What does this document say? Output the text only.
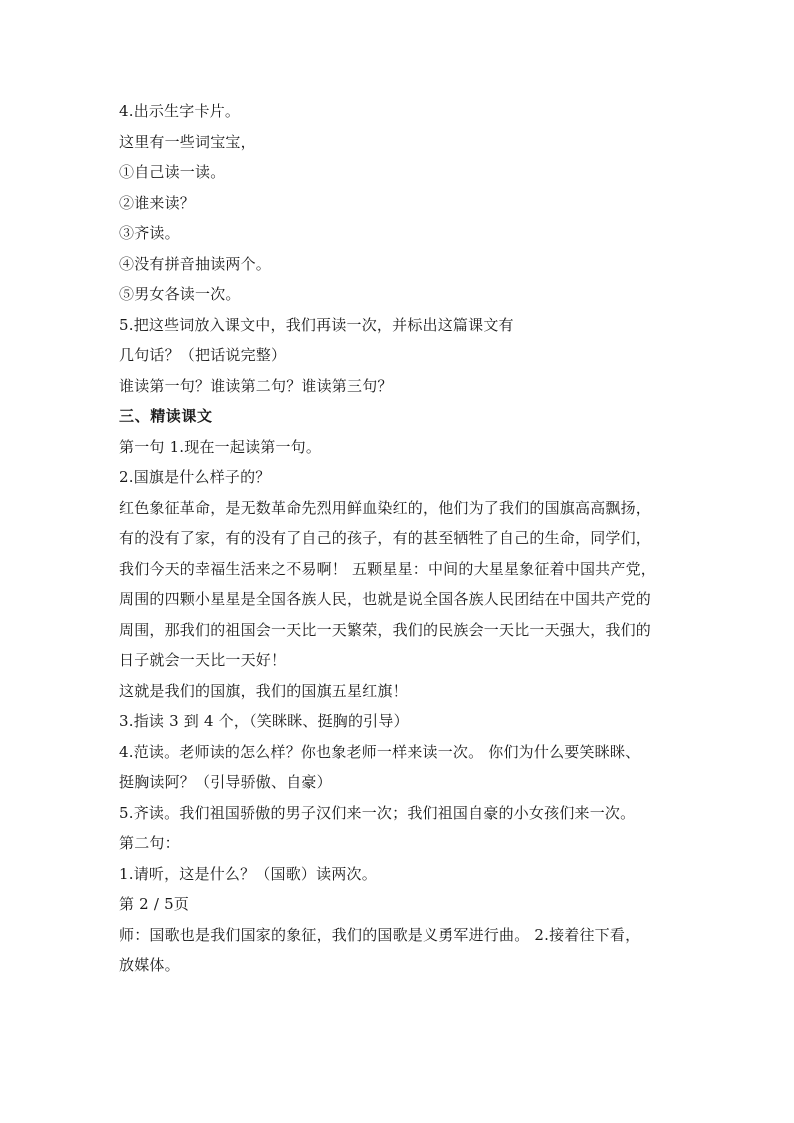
4.出示生字卡片。
这里有一些词宝宝，
①自己读一读。
②谁来读？
③齐读。
④没有拼音抽读两个。
⑤男女各读一次。
5.把这些词放入课文中，我们再读一次，并标出这篇课文有
几句话？（把话说完整）
谁读第一句？谁读第二句？谁读第三句？
三、精读课文
第一句 1.现在一起读第一句。
2.国旗是什么样子的？
红色象征革命，是无数革命先烈用鲜血染红的，他们为了我们的国旗高高飘扬，
有的没有了家，有的没有了自己的孩子，有的甚至牺牲了自己的生命，同学们，
我们今天的幸福生活来之不易啊！ 五颗星星：中间的大星星象征着中国共产党，
周围的四颗小星星是全国各族人民，也就是说全国各族人民团结在中国共产党的
周围，那我们的祖国会一天比一天繁荣，我们的民族会一天比一天强大，我们的
日子就会一天比一天好！
这就是我们的国旗，我们的国旗五星红旗！
3.指读 3 到 4 个，（笑眯眯、挺胸的引导）
4.范读。老师读的怎么样？你也象老师一样来读一次。 你们为什么要笑眯眯、
挺胸读阿？（引导骄傲、自豪）
5.齐读。我们祖国骄傲的男子汉们来一次；我们祖国自豪的小女孩们来一次。
第二句：
1.请听，这是什么？（国歌）读两次。
第 2 / 5页
师：国歌也是我们国家的象征，我们的国歌是义勇军进行曲。 2.接着往下看，
放媒体。
